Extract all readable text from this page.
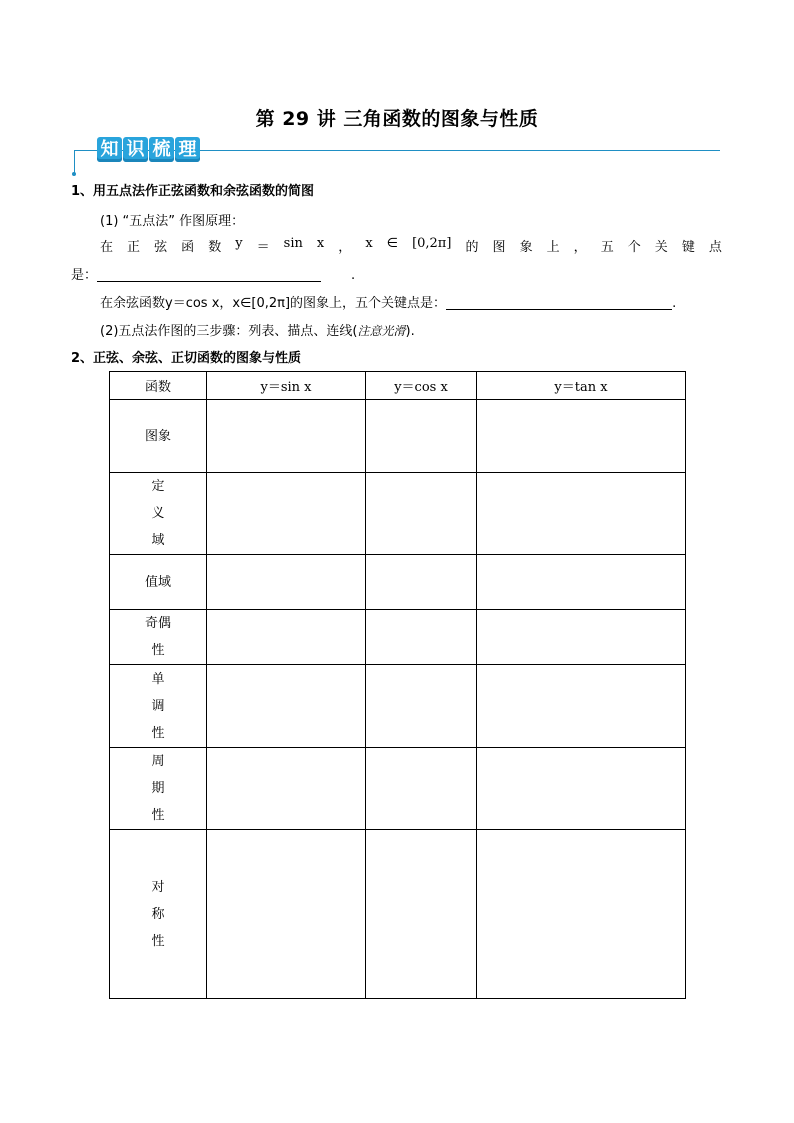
第 29 讲 三角函数的图象与性质
知 识 梳 理
1、用五点法作正弦函数和余弦函数的简图
(1) “五点法” 作图原理：
在 正 弦 函 数 y ＝ sin x ， x ∈ [0,2π] 的 图 象 上 ， 五 个 关 键 点
是：	.
在余弦函数y＝cos x，x∈[0,2π]的图象上，五个关键点是：	.
(2)五点法作图的三步骤：列表、描点、连线(注意光滑).
2、正弦、余弦、正切函数的图象与性质
函数	y＝sin x	y＝cos x	y＝tan x

图象			

定
义
域			

值域			

奇偶
性			

单
调
性			

周
期
性			

对
称
性			
